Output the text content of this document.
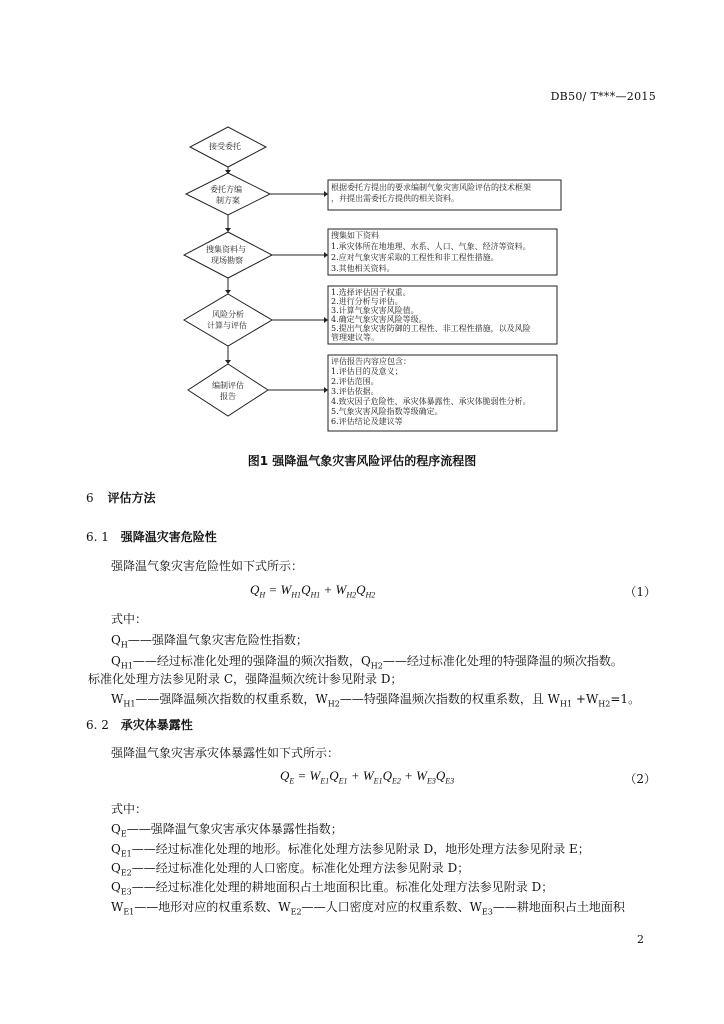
DB50/ T***—2015
接受委托
委托方编
制方案
搜集资料与
现场勘察
风险分析
计算与评估
编制评估
报告
根据委托方提出的要求编制气象灾害风险评估的技术框架
，并提出需委托方提供的相关资料。
搜集如下资料
1.承灾体所在地地理、水系、人口、气象、经济等资料。
2.应对气象灾害采取的工程性和非工程性措施。
3.其他相关资料。
1.选择评估因子权重。
2.进行分析与评估。
3.计算气象灾害风险值。
4.确定气象灾害风险等级。
5.提出气象灾害防御的工程性、非工程性措施，以及风险
管理建议等。
评估报告内容应包含：
1.评估目的及意义；
2.评估范围。
3.评估依据。
4.致灾因子危险性、承灾体暴露性、承灾体脆弱性分析。
5.气象灾害风险指数等级确定。
6.评估结论及建议等
图1 强降温气象灾害风险评估的程序流程图
6 评估方法
6. 1 强降温灾害危险性
强降温气象灾害危险性如下式所示：
$Q_H = W_{H1}Q_{H1} + W_{H2}Q_{H2}$	（1）
式中：
$Q_H——$强降温气象灾害危险性指数；
$Q_{H1}——$经过标准化处理的强降温的频次指数，$Q_{H2}——$经过标准化处理的特强降温的频次指数。
标准化处理方法参见附录 C，强降温频次统计参见附录 D；
$W_{H1}——$强降温频次指数的权重系数，$W_{H2}——$特强降温频次指数的权重系数，且 $W_{H1} +W_{H2}=1$。
6. 2 承灾体暴露性
强降温气象灾害承灾体暴露性如下式所示：
$Q_E = W_{E1}Q_{E1} + W_{E1}Q_{E2} + W_{E3}Q_{E3}$	（2）
式中：
$Q_E——$强降温气象灾害承灾体暴露性指数；
$Q_{E1}——$经过标准化处理的地形。标准化处理方法参见附录 D，地形处理方法参见附录 E；
$Q_{E2}——$经过标准化处理的人口密度。标准化处理方法参见附录 D；
$Q_{E3}——$经过标准化处理的耕地面积占土地面积比重。标准化处理方法参见附录 D；
$W_{E1}——$地形对应的权重系数、$W_{E2}——$人口密度对应的权重系数、$W_{E3}——$耕地面积占土地面积
2
